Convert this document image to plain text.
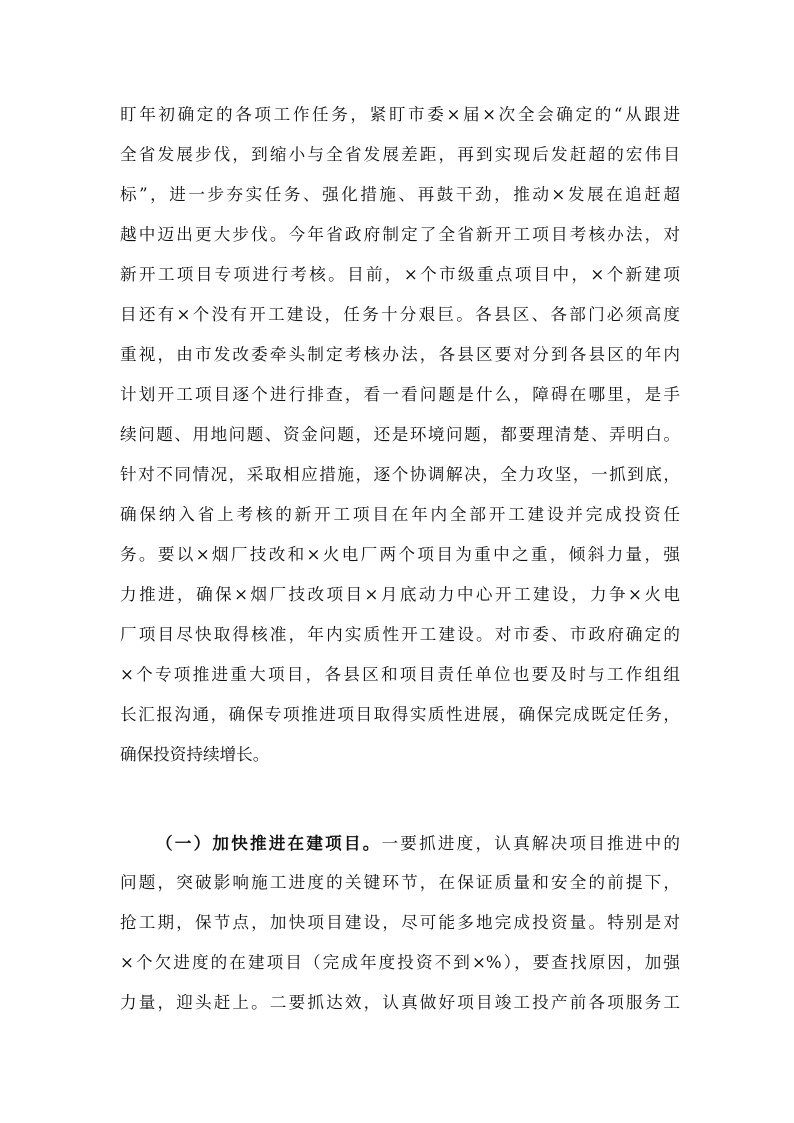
盯年初确定的各项工作任务，紧盯市委×届×次全会确定的“从跟进
全省发展步伐，到缩小与全省发展差距，再到实现后发赶超的宏伟目
标”，进一步夯实任务、强化措施、再鼓干劲，推动×发展在追赶超
越中迈出更大步伐。今年省政府制定了全省新开工项目考核办法，对
新开工项目专项进行考核。目前，×个市级重点项目中，×个新建项
目还有×个没有开工建设，任务十分艰巨。各县区、各部门必须高度
重视，由市发改委牵头制定考核办法，各县区要对分到各县区的年内
计划开工项目逐个进行排查，看一看问题是什么，障碍在哪里，是手
续问题、用地问题、资金问题，还是环境问题，都要理清楚、弄明白。
针对不同情况，采取相应措施，逐个协调解决，全力攻坚，一抓到底，
确保纳入省上考核的新开工项目在年内全部开工建设并完成投资任
务。要以×烟厂技改和×火电厂两个项目为重中之重，倾斜力量，强
力推进，确保×烟厂技改项目×月底动力中心开工建设，力争×火电
厂项目尽快取得核准，年内实质性开工建设。对市委、市政府确定的
×个专项推进重大项目，各县区和项目责任单位也要及时与工作组组
长汇报沟通，确保专项推进项目取得实质性进展，确保完成既定任务，
确保投资持续增长。
（一）加快推进在建项目。一要抓进度，认真解决项目推进中的
问题，突破影响施工进度的关键环节，在保证质量和安全的前提下，
抢工期，保节点，加快项目建设，尽可能多地完成投资量。特别是对
×个欠进度的在建项目（完成年度投资不到×%），要查找原因，加强
力量，迎头赶上。二要抓达效，认真做好项目竣工投产前各项服务工
